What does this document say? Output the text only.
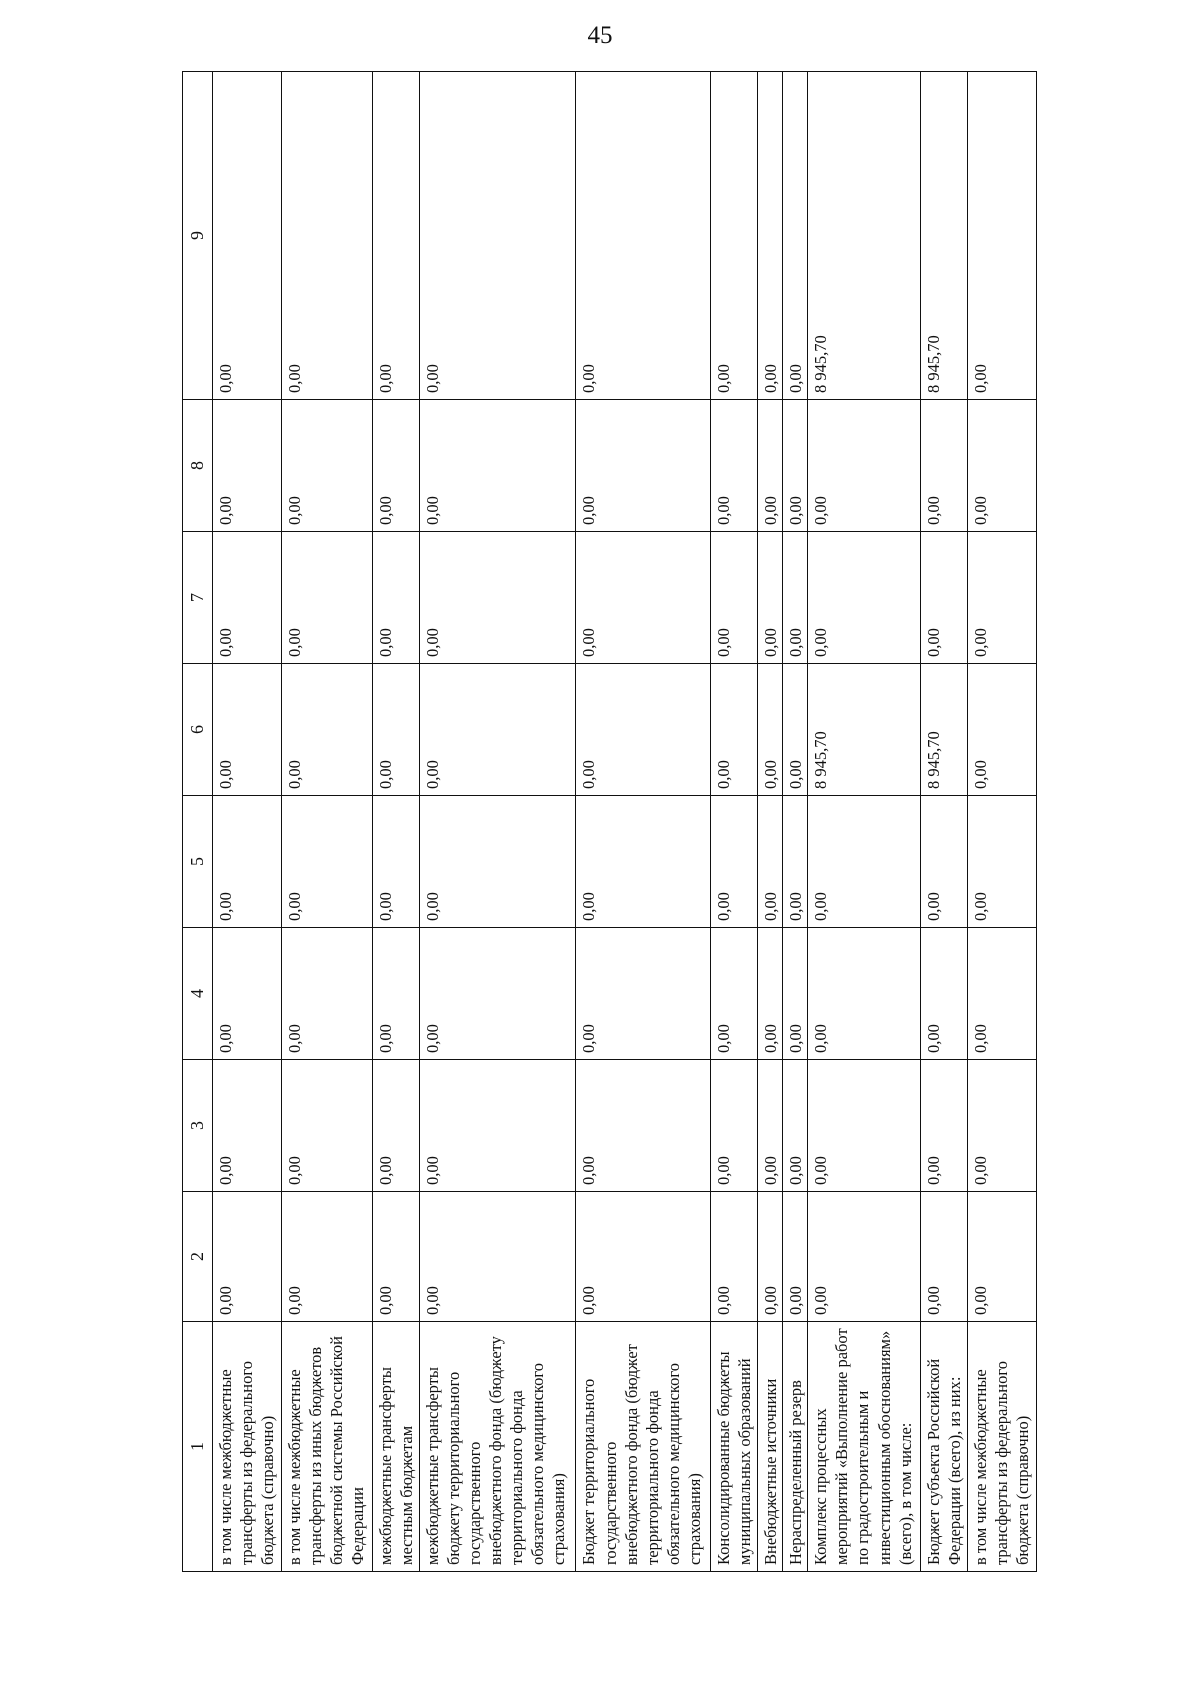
45
1	2	3	4	5	6	7	8	9
в том числе межбюджетные трансферты из федерального бюджета (справочно)	0,00	0,00	0,00	0,00	0,00	0,00	0,00	0,00
в том числе межбюджетные трансферты из иных бюджетов бюджетной системы Российской Федерации	0,00	0,00	0,00	0,00	0,00	0,00	0,00	0,00
межбюджетные трансферты местным бюджетам	0,00	0,00	0,00	0,00	0,00	0,00	0,00	0,00
межбюджетные трансферты бюджету территориального государственного внебюджетного фонда (бюджету территориального фонда обязательного медицинского страхования)	0,00	0,00	0,00	0,00	0,00	0,00	0,00	0,00
Бюджет территориального государственного внебюджетного фонда (бюджет территориального фонда обязательного медицинского страхования)	0,00	0,00	0,00	0,00	0,00	0,00	0,00	0,00
Консолидированные бюджеты муниципальных образований	0,00	0,00	0,00	0,00	0,00	0,00	0,00	0,00
Внебюджетные источники	0,00	0,00	0,00	0,00	0,00	0,00	0,00	0,00
Нераспределенный резерв	0,00	0,00	0,00	0,00	0,00	0,00	0,00	0,00
Комплекс процессных мероприятий «Выполнение работ по градостроительным и инвестиционным обоснованиям» (всего), в том числе:	0,00	0,00	0,00	0,00	8 945,70	0,00	0,00	8 945,70
Бюджет субъекта Российской Федерации (всего), из них:	0,00	0,00	0,00	0,00	8 945,70	0,00	0,00	8 945,70
в том числе межбюджетные трансферты из федерального бюджета (справочно)	0,00	0,00	0,00	0,00	0,00	0,00	0,00	0,00
